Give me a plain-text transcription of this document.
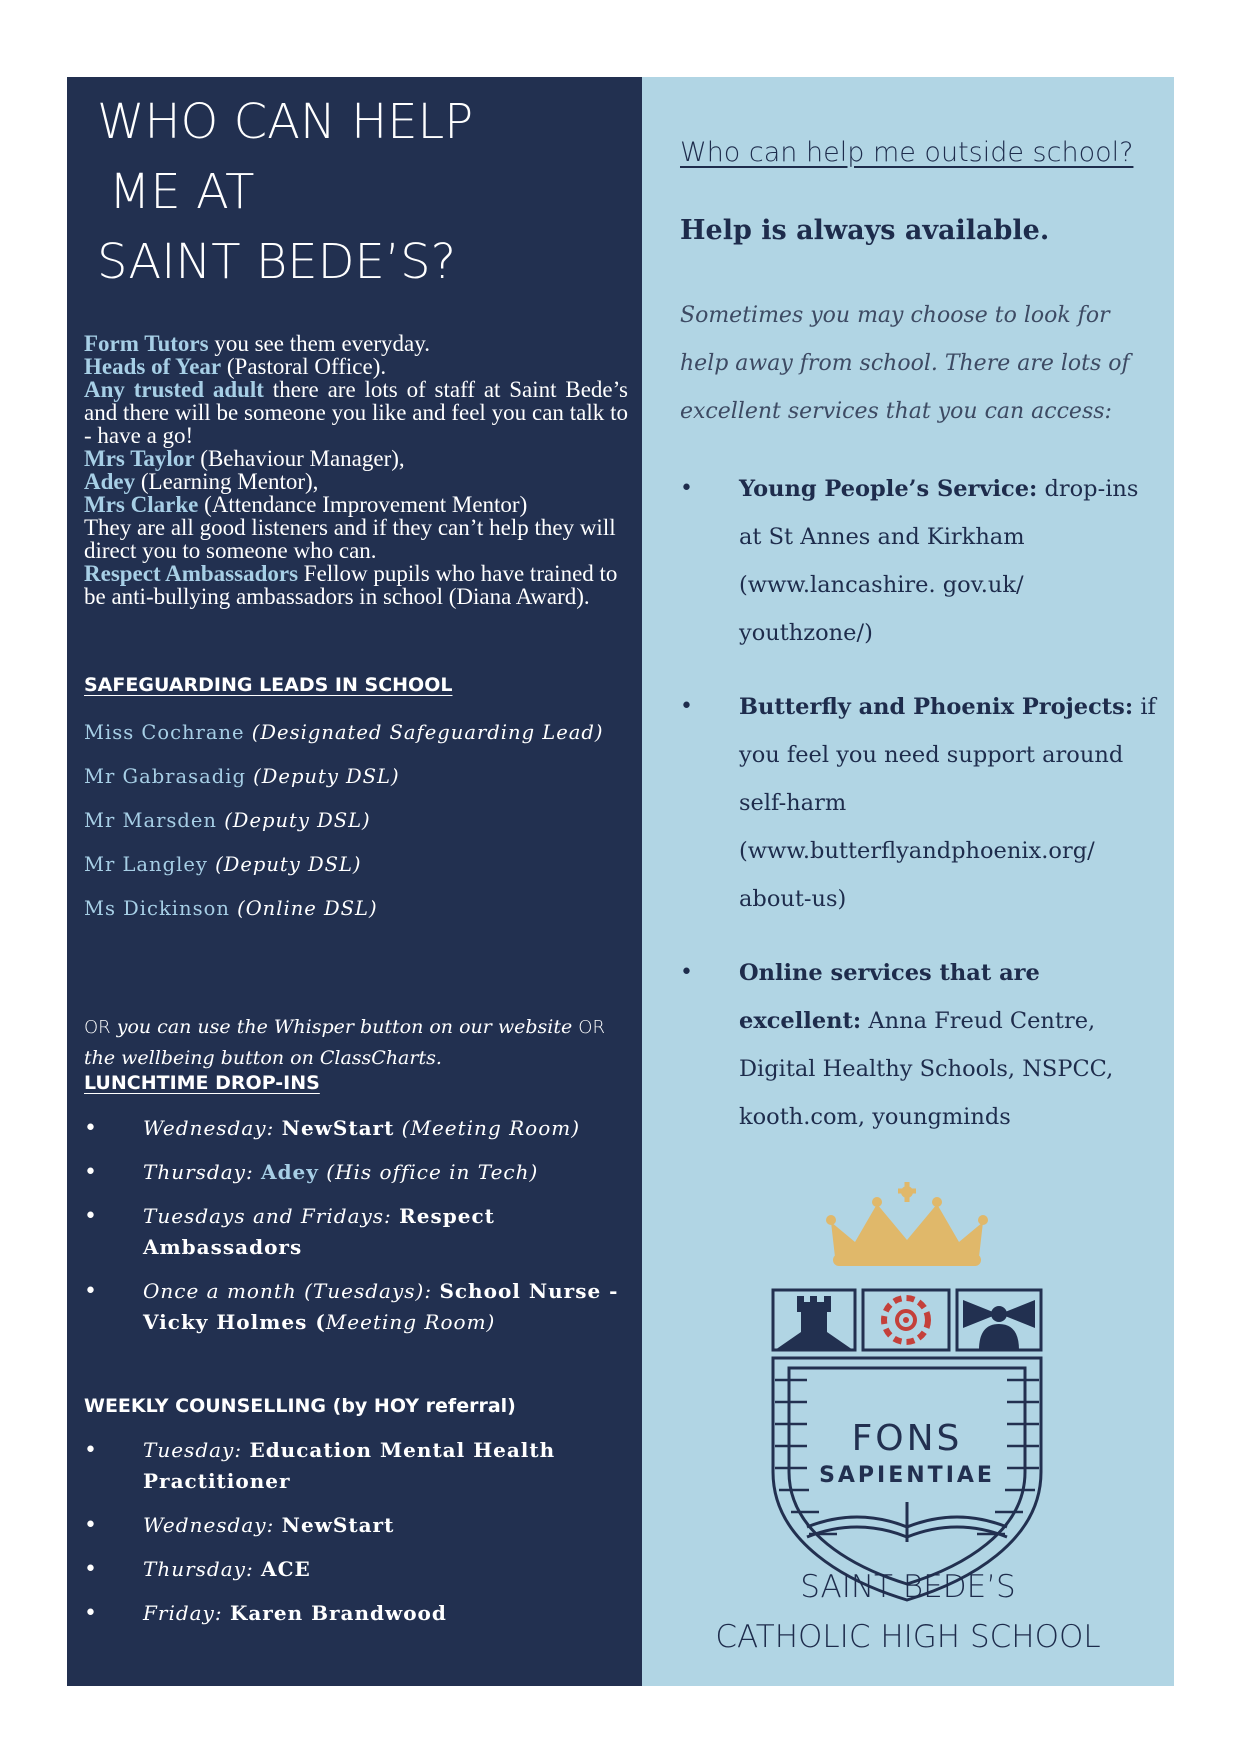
WHO CAN HELP
ME AT
SAINT BEDE’S?
Form Tutors you see them everyday.
Heads of Year (Pastoral Office).
Any trusted adult there are lots of staff at Saint Bede’s and there will be someone you like and feel you can talk to - have a go!
Mrs Taylor (Behaviour Manager),
Adey (Learning Mentor),
Mrs Clarke (Attendance Improvement Mentor)
They are all good listeners and if they can’t help they will direct you to someone who can.
Respect Ambassadors Fellow pupils who have trained to be anti-bullying ambassadors in school (Diana Award).
SAFEGUARDING LEADS IN SCHOOL
Miss Cochrane (Designated Safeguarding Lead)
Mr Gabrasadig (Deputy DSL)
Mr Marsden (Deputy DSL)
Mr Langley (Deputy DSL)
Ms Dickinson (Online DSL)
OR you can use the Whisper button on our website OR the wellbeing button on ClassCharts.
LUNCHTIME DROP-INS
• Wednesday: NewStart (Meeting Room)
• Thursday: Adey (His office in Tech)
• Tuesdays and Fridays: Respect Ambassadors
• Once a month (Tuesdays): School Nurse - Vicky Holmes (Meeting Room)
WEEKLY COUNSELLING (by HOY referral)
• Tuesday: Education Mental Health Practitioner
• Wednesday: NewStart
• Thursday: ACE
• Friday: Karen Brandwood
Who can help me outside school?
Help is always available.
Sometimes you may choose to look for help away from school. There are lots of excellent services that you can access:
• Young People’s Service: drop-ins at St Annes and Kirkham (www.lancashire. gov.uk/ youthzone/)
• Butterfly and Phoenix Projects: if you feel you need support around self-harm (www.butterflyandphoenix.org/ about-us)
• Online services that are excellent: Anna Freud Centre, Digital Healthy Schools, NSPCC, kooth.com, youngminds
FONS
SAPIENTIAE
SAINT BEDE’S
CATHOLIC HIGH SCHOOL
